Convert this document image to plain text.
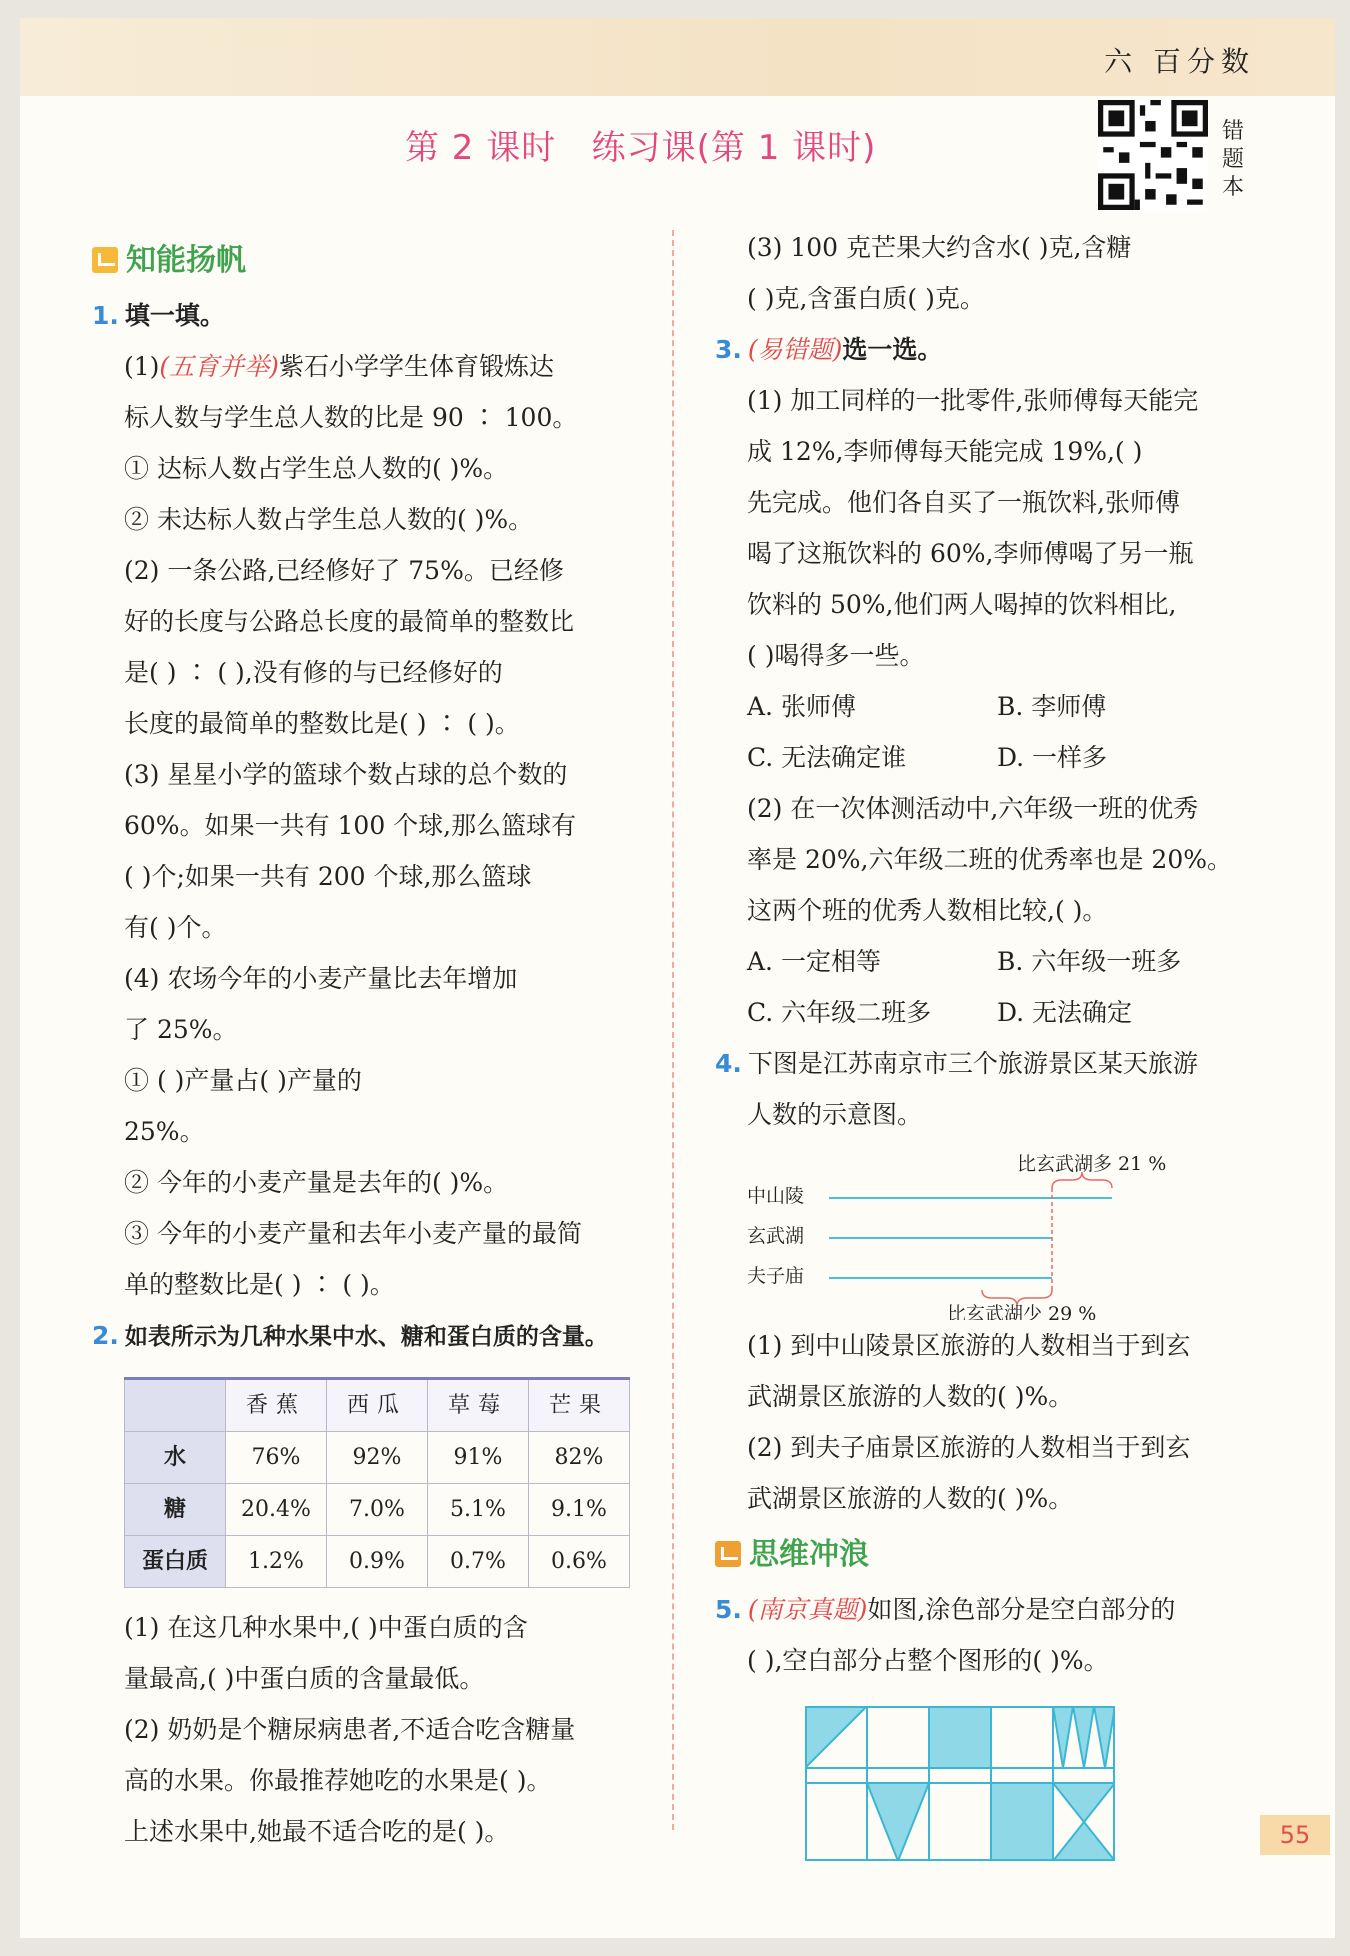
六 百分数
第 2 课时   练习课(第 1 课时)	错题本
知能扬帆
1. 填一填。
(1)(五育并举)紫石小学学生体育锻炼达
标人数与学生总人数的比是 90 ∶ 100。
① 达标人数占学生总人数的( )%。
② 未达标人数占学生总人数的( )%。
(2) 一条公路,已经修好了 75%。已经修
好的长度与公路总长度的最简单的整数比
是( ) ∶ ( ),没有修的与已经修好的
长度的最简单的整数比是( ) ∶ ( )。
(3) 星星小学的篮球个数占球的总个数的
60%。如果一共有 100 个球,那么篮球有
( )个;如果一共有 200 个球,那么篮球
有( )个。
(4) 农场今年的小麦产量比去年增加
了 25%。
① ( )产量占( )产量的
25%。
② 今年的小麦产量是去年的( )%。
③ 今年的小麦产量和去年小麦产量的最简
单的整数比是( ) ∶ ( )。
2. 如表所示为几种水果中水、糖和蛋白质的含量。
	香蕉	西瓜	草莓	芒果
水	76%	92%	91%	82%
糖	20.4%	7.0%	5.1%	9.1%
蛋白质	1.2%	0.9%	0.7%	0.6%
(1) 在这几种水果中,( )中蛋白质的含
量最高,( )中蛋白质的含量最低。
(2) 奶奶是个糖尿病患者,不适合吃含糖量
高的水果。你最推荐她吃的水果是( )。
上述水果中,她最不适合吃的是( )。
(3) 100 克芒果大约含水( )克,含糖
( )克,含蛋白质( )克。
3. (易错题)选一选。
(1) 加工同样的一批零件,张师傅每天能完
成 12%,李师傅每天能完成 19%,( )
先完成。他们各自买了一瓶饮料,张师傅
喝了这瓶饮料的 60%,李师傅喝了另一瓶
饮料的 50%,他们两人喝掉的饮料相比,
( )喝得多一些。
A. 张师傅	B. 李师傅
C. 无法确定谁	D. 一样多
(2) 在一次体测活动中,六年级一班的优秀
率是 20%,六年级二班的优秀率也是 20%。
这两个班的优秀人数相比较,( )。
A. 一定相等	B. 六年级一班多
C. 六年级二班多	D. 无法确定
4. 下图是江苏南京市三个旅游景区某天旅游
人数的示意图。
比玄武湖多 21 %
中山陵
玄武湖
夫子庙
比玄武湖少 29 %
(1) 到中山陵景区旅游的人数相当于到玄
武湖景区旅游的人数的( )%。
(2) 到夫子庙景区旅游的人数相当于到玄
武湖景区旅游的人数的( )%。
思维冲浪
5. (南京真题)如图,涂色部分是空白部分的
( ),空白部分占整个图形的( )%。
55
